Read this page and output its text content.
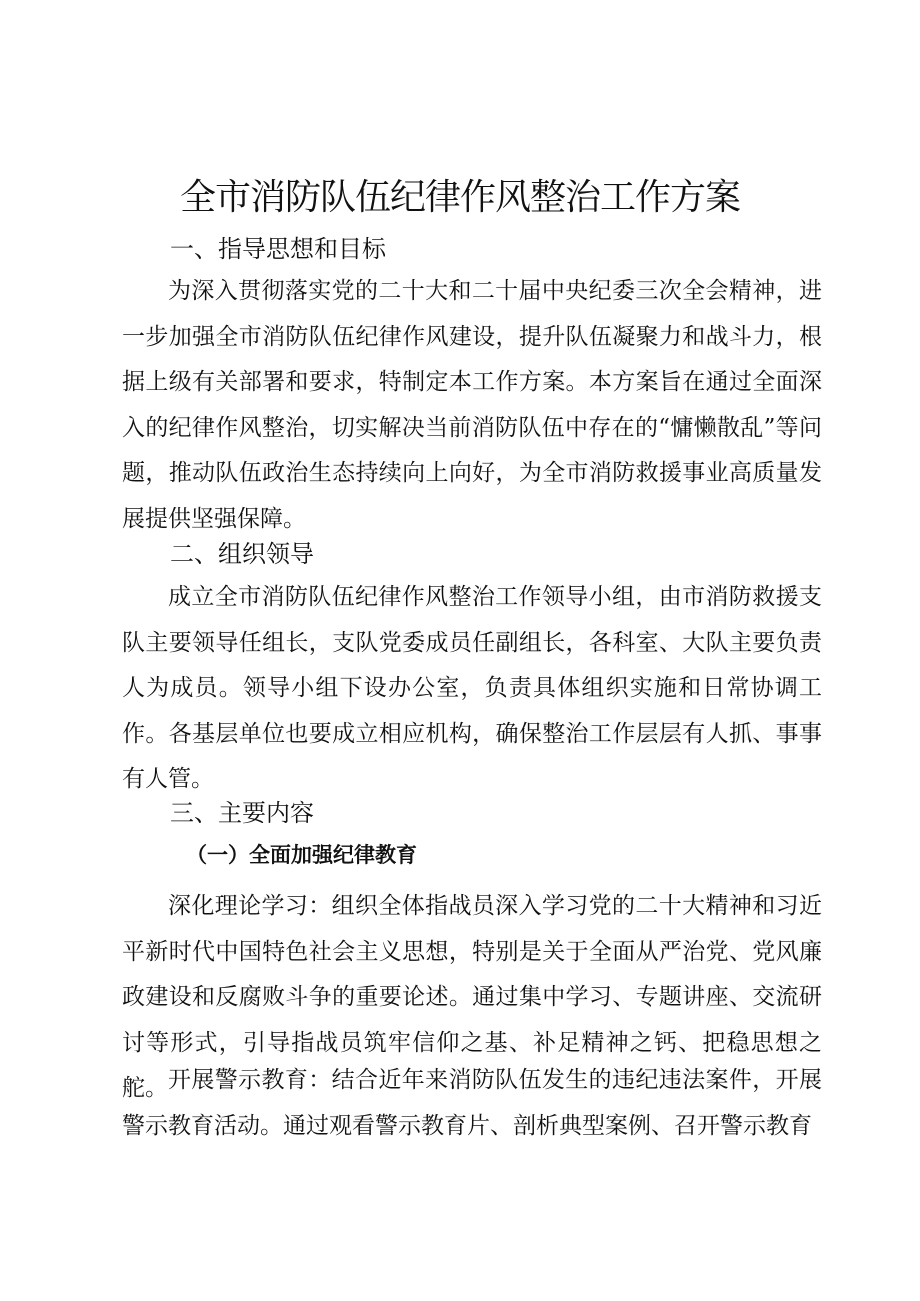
全市消防队伍纪律作风整治工作方案
一、指导思想和目标
为深入贯彻落实党的二十大和二十届中央纪委三次全会精神，进一步加强全市消防队伍纪律作风建设，提升队伍凝聚力和战斗力，根据上级有关部署和要求，特制定本工作方案。本方案旨在通过全面深入的纪律作风整治，切实解决当前消防队伍中存在的“慵懒散乱”等问题，推动队伍政治生态持续向上向好，为全市消防救援事业高质量发展提供坚强保障。
二、组织领导
成立全市消防队伍纪律作风整治工作领导小组，由市消防救援支队主要领导任组长，支队党委成员任副组长，各科室、大队主要负责人为成员。领导小组下设办公室，负责具体组织实施和日常协调工作。各基层单位也要成立相应机构，确保整治工作层层有人抓、事事有人管。
三、主要内容
（一）全面加强纪律教育
深化理论学习：组织全体指战员深入学习党的二十大精神和习近平新时代中国特色社会主义思想，特别是关于全面从严治党、党风廉政建设和反腐败斗争的重要论述。通过集中学习、专题讲座、交流研讨等形式，引导指战员筑牢信仰之基、补足精神之钙、把稳思想之舵。 开展警示教育：结合近年来消防队伍发生的违纪违法案件，开展警示教育活动。通过观看警示教育片、剖析典型案例、召开警示教育
